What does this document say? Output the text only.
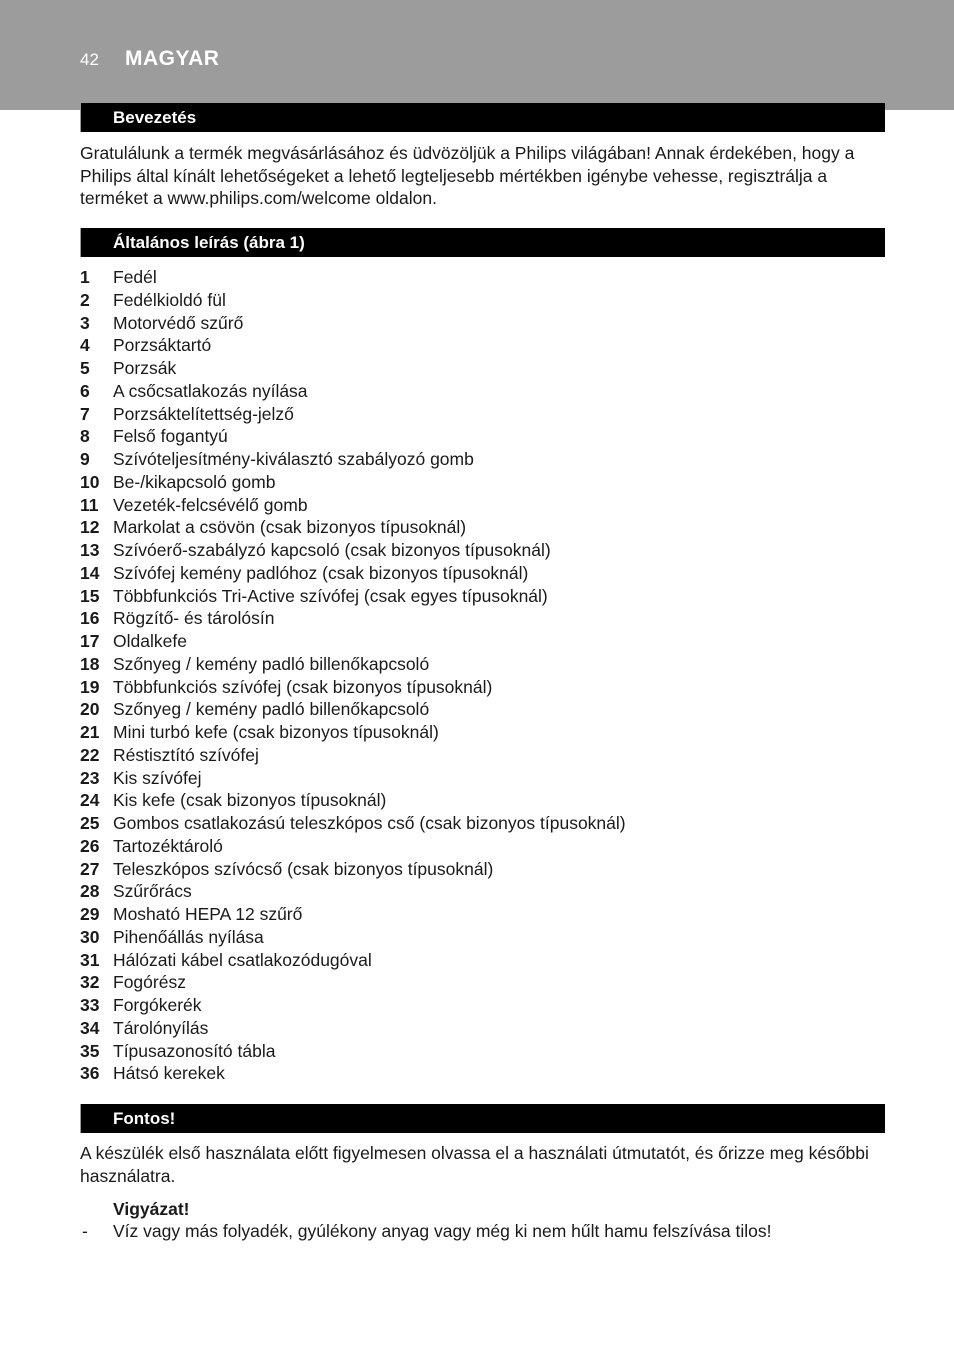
42 MAGYAR
Bevezetés

Gratulálunk a termék megvásárlásához és üdvözöljük a Philips világában! Annak érdekében, hogy a Philips által kínált lehetőségeket a lehető legteljesebb mértékben igénybe vehesse, regisztrálja a terméket a www.philips.com/welcome oldalon.

Általános leírás (ábra 1)
1 Fedél
2 Fedélkioldó fül
3 Motorvédő szűrő
4 Porzsáktartó
5 Porzsák
6 A csőcsatlakozás nyílása
7 Porzsáktelítettség-jelző
8 Felső fogantyú
9 Szívóteljesítmény-kiválasztó szabályozó gomb
10 Be-/kikapcsoló gomb
11 Vezeték-felcsévélő gomb
12 Markolat a csövön (csak bizonyos típusoknál)
13 Szívóerő-szabályzó kapcsoló (csak bizonyos típusoknál)
14 Szívófej kemény padlóhoz (csak bizonyos típusoknál)
15 Többfunkciós Tri-Active szívófej (csak egyes típusoknál)
16 Rögzítő- és tárolósín
17 Oldalkefe
18 Szőnyeg / kemény padló billenőkapcsoló
19 Többfunkciós szívófej (csak bizonyos típusoknál)
20 Szőnyeg / kemény padló billenőkapcsoló
21 Mini turbó kefe (csak bizonyos típusoknál)
22 Réstisztító szívófej
23 Kis szívófej
24 Kis kefe (csak bizonyos típusoknál)
25 Gombos csatlakozású teleszkópos cső (csak bizonyos típusoknál)
26 Tartozéktároló
27 Teleszkópos szívócső (csak bizonyos típusoknál)
28 Szűrőrács
29 Mosható HEPA 12 szűrő
30 Pihenőállás nyílása
31 Hálózati kábel csatlakozódugóval
32 Fogórész
33 Forgókerék
34 Tárolónyílás
35 Típusazonosító tábla
36 Hátsó kerekek
Fontos!

A készülék első használata előtt figyelmesen olvassa el a használati útmutatót, és őrizze meg későbbi használatra.

Vigyázat!
- Víz vagy más folyadék, gyúlékony anyag vagy még ki nem hűlt hamu felszívása tilos!
